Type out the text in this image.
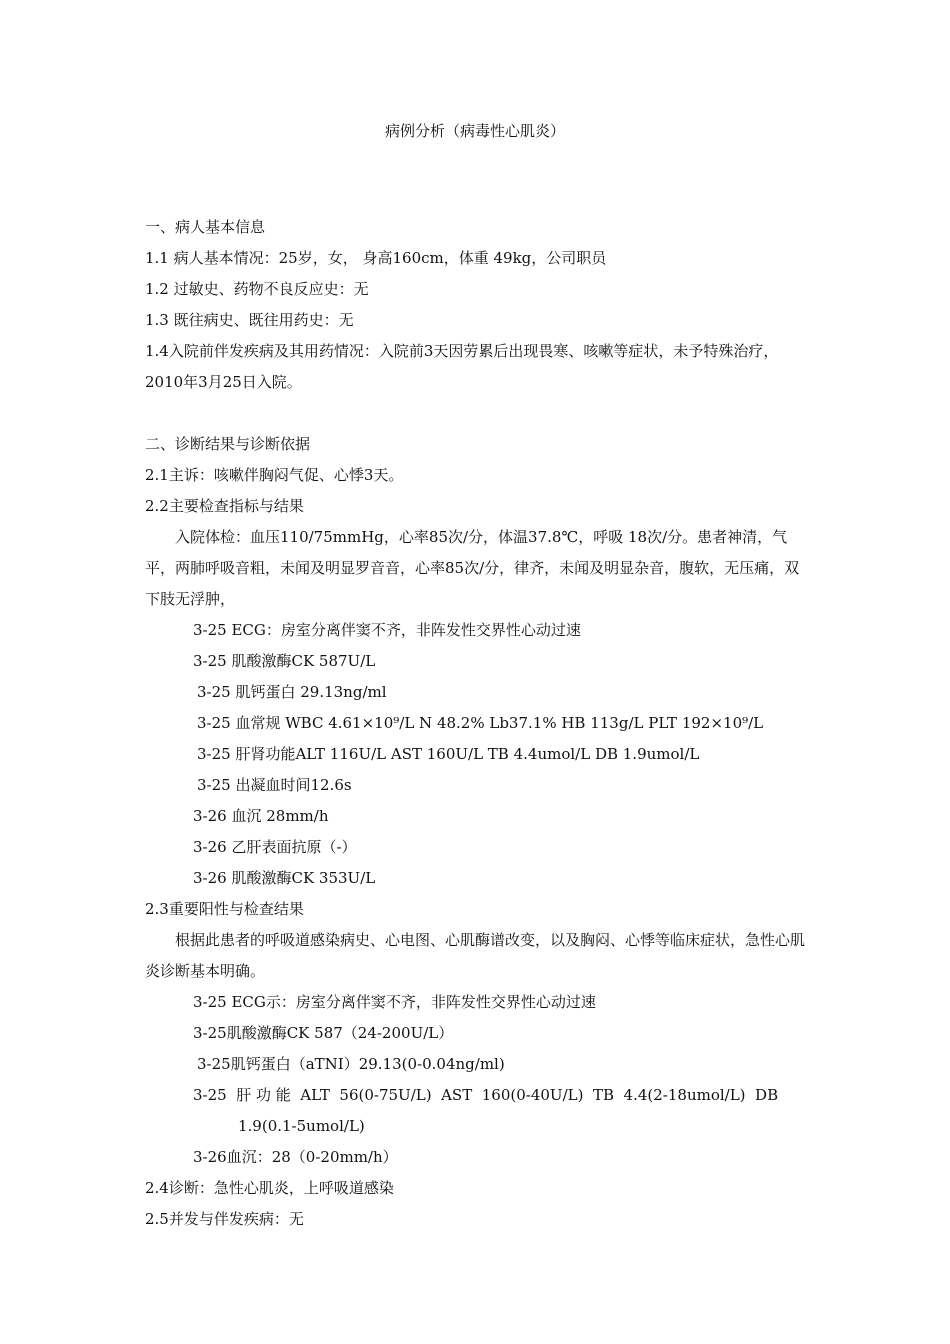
病例分析（病毒性心肌炎）
一、病人基本信息
1.1 病人基本情况：25岁，女， 身高160cm，体重 49kg，公司职员
1.2 过敏史、药物不良反应史：无
1.3 既往病史、既往用药史：无
1.4入院前伴发疾病及其用药情况：入院前3天因劳累后出现畏寒、咳嗽等症状，未予特殊治疗，2010年3月25日入院。
二、诊断结果与诊断依据
2.1主诉：咳嗽伴胸闷气促、心悸3天。
2.2主要检查指标与结果
入院体检：血压110/75mmHg，心率85次/分，体温37.8℃，呼吸 18次/分。患者神清，气平，两肺呼吸音粗，未闻及明显罗音音，心率85次/分，律齐，未闻及明显杂音，腹软，无压痛，双下肢无浮肿，
3-25 ECG：房室分离伴窦不齐，非阵发性交界性心动过速
3-25 肌酸激酶CK 587U/L
3-25 肌钙蛋白 29.13ng/ml
3-25 血常规 WBC 4.61×10⁹/L N 48.2% Lb37.1% HB 113g/L PLT 192×10⁹/L
3-25 肝肾功能ALT 116U/L AST 160U/L TB 4.4umol/L DB 1.9umol/L
3-25 出凝血时间12.6s
3-26 血沉 28mm/h
3-26 乙肝表面抗原（-）
3-26 肌酸激酶CK 353U/L
2.3重要阳性与检查结果
根据此患者的呼吸道感染病史、心电图、心肌酶谱改变，以及胸闷、心悸等临床症状，急性心肌炎诊断基本明确。
3-25 ECG示：房室分离伴窦不齐，非阵发性交界性心动过速
3-25肌酸激酶CK 587（24-200U/L）
3-25肌钙蛋白（aTNI）29.13(0-0.04ng/ml)
3-25  肝 功 能  ALT  56(0-75U/L)  AST  160(0-40U/L)  TB  4.4(2-18umol/L)  DB
1.9(0.1-5umol/L)
3-26血沉：28（0-20mm/h）
2.4诊断：急性心肌炎，上呼吸道感染
2.5并发与伴发疾病：无
